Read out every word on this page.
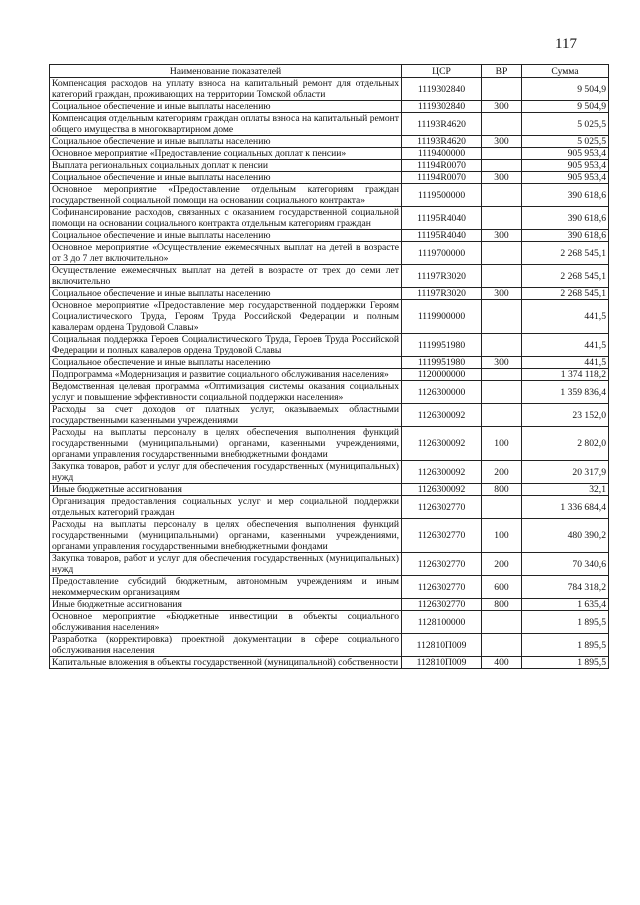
117
Наименование показателей	ЦСР	ВР	Сумма
Компенсация расходов на уплату взноса на капитальный ремонт для отдельных категорий граждан, проживающих на территории Томской области	1119302840		9 504,9
Социальное обеспечение и иные выплаты населению	1119302840	300	9 504,9
Компенсация отдельным категориям граждан оплаты взноса на капитальный ремонт общего имущества в многоквартирном доме	11193R4620		5 025,5
Социальное обеспечение и иные выплаты населению	11193R4620	300	5 025,5
Основное мероприятие «Предоставление социальных доплат к пенсии»	1119400000		905 953,4
Выплата региональных социальных доплат к пенсии	11194R0070		905 953,4
Социальное обеспечение и иные выплаты населению	11194R0070	300	905 953,4
Основное мероприятие «Предоставление отдельным категориям граждан государственной социальной помощи на основании социального контракта»	1119500000		390 618,6
Софинансирование расходов, связанных с оказанием государственной социальной помощи на основании социального контракта отдельным категориям граждан	11195R4040		390 618,6
Социальное обеспечение и иные выплаты населению	11195R4040	300	390 618,6
Основное мероприятие «Осуществление ежемесячных выплат на детей в возрасте от 3 до 7 лет включительно»	1119700000		2 268 545,1
Осуществление ежемесячных выплат на детей в возрасте от трех до семи лет включительно	11197R3020		2 268 545,1
Социальное обеспечение и иные выплаты населению	11197R3020	300	2 268 545,1
Основное мероприятие «Предоставление мер государственной поддержки Героям Социалистического Труда, Героям Труда Российской Федерации и полным кавалерам ордена Трудовой Славы»	1119900000		441,5
Социальная поддержка Героев Социалистического Труда, Героев Труда Российской Федерации и полных кавалеров ордена Трудовой Славы	1119951980		441,5
Социальное обеспечение и иные выплаты населению	1119951980	300	441,5
Подпрограмма «Модернизация и развитие социального обслуживания населения»	1120000000		1 374 118,2
Ведомственная целевая программа «Оптимизация системы оказания социальных услуг и повышение эффективности социальной поддержки населения»	1126300000		1 359 836,4
Расходы за счет доходов от платных услуг, оказываемых областными государственными казенными учреждениями	1126300092		23 152,0
Расходы на выплаты персоналу в целях обеспечения выполнения функций государственными (муниципальными) органами, казенными учреждениями, органами управления государственными внебюджетными фондами	1126300092	100	2 802,0
Закупка товаров, работ и услуг для обеспечения государственных (муниципальных) нужд	1126300092	200	20 317,9
Иные бюджетные ассигнования	1126300092	800	32,1
Организация предоставления социальных услуг и мер социальной поддержки отдельных категорий граждан	1126302770		1 336 684,4
Расходы на выплаты персоналу в целях обеспечения выполнения функций государственными (муниципальными) органами, казенными учреждениями, органами управления государственными внебюджетными фондами	1126302770	100	480 390,2
Закупка товаров, работ и услуг для обеспечения государственных (муниципальных) нужд	1126302770	200	70 340,6
Предоставление субсидий бюджетным, автономным учреждениям и иным некоммерческим организациям	1126302770	600	784 318,2
Иные бюджетные ассигнования	1126302770	800	1 635,4
Основное мероприятие «Бюджетные инвестиции в объекты социального обслуживания населения»	1128100000		1 895,5
Разработка (корректировка) проектной документации в сфере социального обслуживания населения	112810П009		1 895,5
Капитальные вложения в объекты государственной (муниципальной) собственности	112810П009	400	1 895,5
